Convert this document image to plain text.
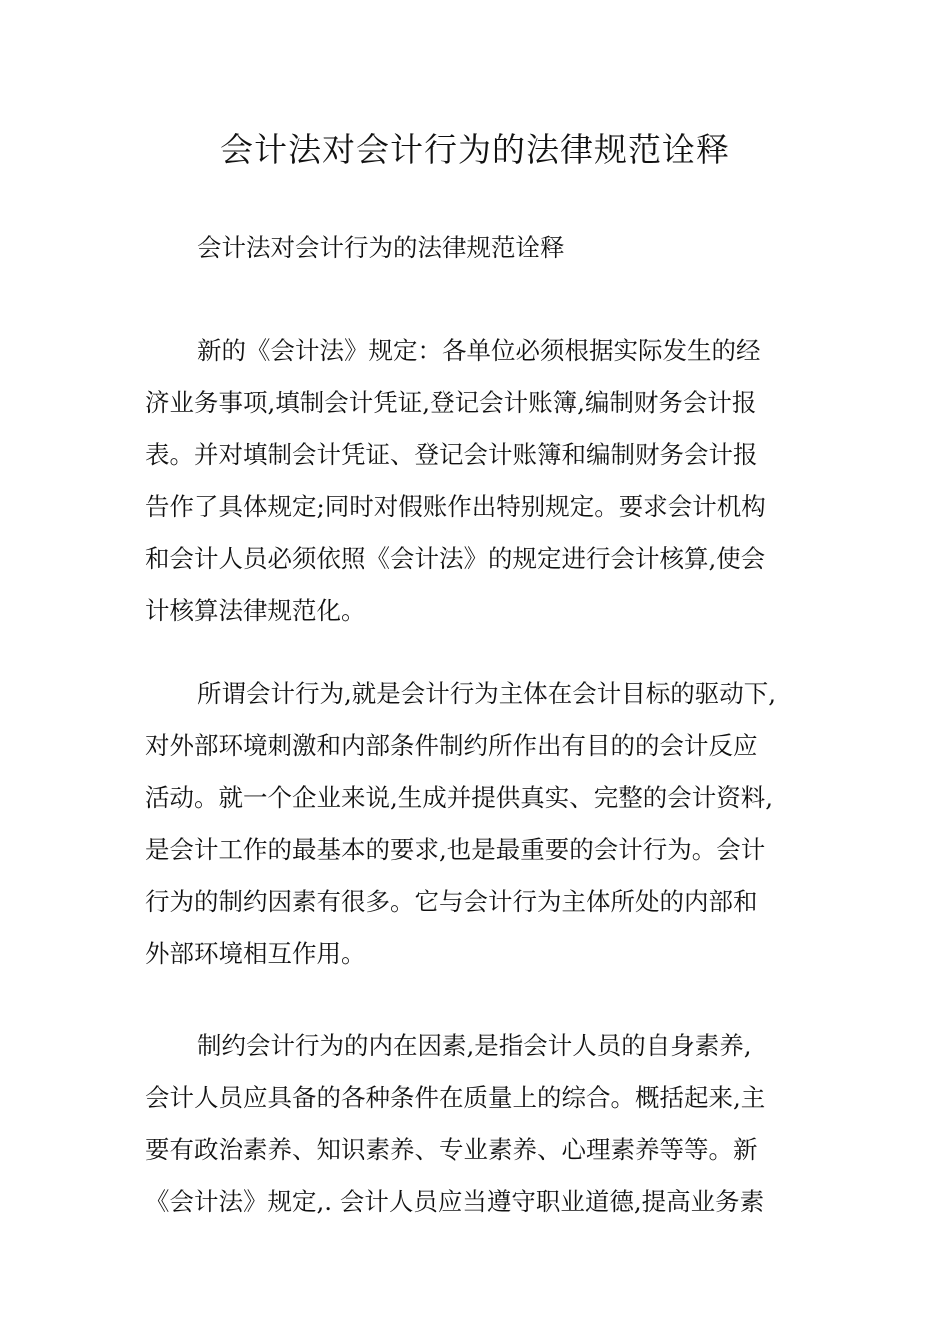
会计法对会计行为的法律规范诠释
会计法对会计行为的法律规范诠释
新的《会计法》规定：各单位必须根据实际发生的经
济业务事项,填制会计凭证,登记会计账簿,编制财务会计报
表。并对填制会计凭证、登记会计账簿和编制财务会计报
告作了具体规定;同时对假账作出特别规定。要求会计机构
和会计人员必须依照《会计法》的规定进行会计核算,使会
计核算法律规范化。
所谓会计行为,就是会计行为主体在会计目标的驱动下,
对外部环境刺激和内部条件制约所作出有目的的会计反应
活动。就一个企业来说,生成并提供真实、完整的会计资料,
是会计工作的最基本的要求,也是最重要的会计行为。会计
行为的制约因素有很多。它与会计行为主体所处的内部和
外部环境相互作用。
制约会计行为的内在因素,是指会计人员的自身素养,
会计人员应具备的各种条件在质量上的综合。概括起来,主
要有政治素养、知识素养、专业素养、心理素养等等。新
《会计法》规定,. 会计人员应当遵守职业道德,提高业务素
